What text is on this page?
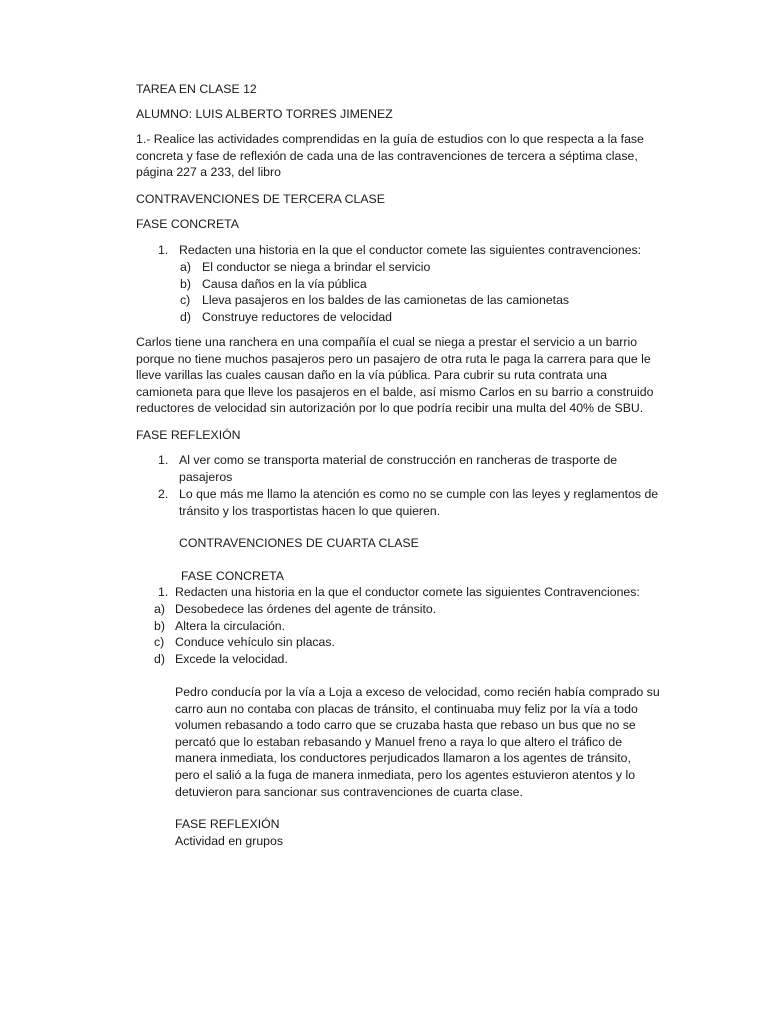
TAREA EN CLASE 12
ALUMNO: LUIS ALBERTO TORRES JIMENEZ
1.- Realice las actividades comprendidas en la guía de estudios con lo que respecta a la fase
concreta y fase de reflexión de cada una de las contravenciones de tercera a séptima clase,
página 227 a 233, del libro
CONTRAVENCIONES DE TERCERA CLASE
FASE CONCRETA
1. Redacten una historia en la que el conductor comete las siguientes contravenciones:
a) El conductor se niega a brindar el servicio
b) Causa daños en la vía pública
c) Lleva pasajeros en los baldes de las camionetas de las camionetas
d) Construye reductores de velocidad
Carlos tiene una ranchera en una compañía el cual se niega a prestar el servicio a un barrio
porque no tiene muchos pasajeros pero un pasajero de otra ruta le paga la carrera para que le
lleve varillas las cuales causan daño en la vía pública. Para cubrir su ruta contrata una
camioneta para que lleve los pasajeros en el balde, así mismo Carlos en su barrio a construido
reductores de velocidad sin autorización por lo que podría recibir una multa del 40% de SBU.
FASE REFLEXIÓN
1. Al ver como se transporta material de construcción en rancheras de trasporte de
pasajeros
2. Lo que más me llamo la atención es como no se cumple con las leyes y reglamentos de
tránsito y los trasportistas hacen lo que quieren.
CONTRAVENCIONES DE CUARTA CLASE
FASE CONCRETA
1. Redacten una historia en la que el conductor comete las siguientes Contravenciones:
a) Desobedece las órdenes del agente de tránsito.
b) Altera la circulación.
c) Conduce vehículo sin placas.
d) Excede la velocidad.
Pedro conducía por la vía a Loja a exceso de velocidad, como recién había comprado su
carro aun no contaba con placas de tránsito, el continuaba muy feliz por la vía a todo
volumen rebasando a todo carro que se cruzaba hasta que rebaso un bus que no se
percató que lo estaban rebasando y Manuel freno a raya lo que altero el tráfico de
manera inmediata, los conductores perjudicados llamaron a los agentes de tránsito,
pero el salió a la fuga de manera inmediata, pero los agentes estuvieron atentos y lo
detuvieron para sancionar sus contravenciones de cuarta clase.
FASE REFLEXIÓN
Actividad en grupos
